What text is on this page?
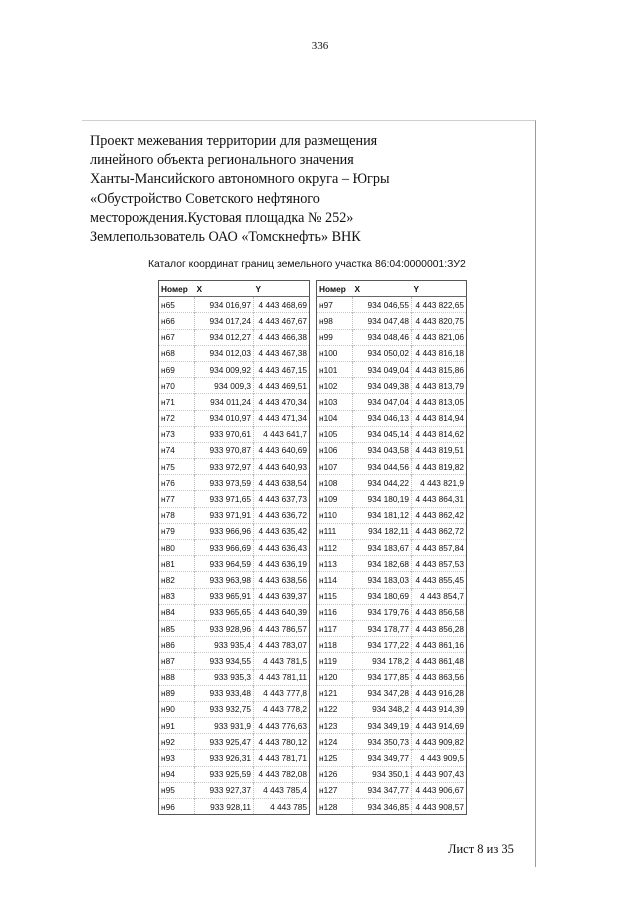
336
Проект межевания территории для размещения
линейного объекта регионального значения
Ханты-Мансийского автономного округа – Югры
«Обустройство Советского нефтяного
месторождения.Кустовая площадка № 252»
Землепользователь ОАО «Томскнефть» ВНК
Каталог координат границ земельного участка 86:04:0000001:ЗУ2
Номер	X	Y
н65	934 016,97	4 443 468,69
н66	934 017,24	4 443 467,67
н67	934 012,27	4 443 466,38
н68	934 012,03	4 443 467,38
н69	934 009,92	4 443 467,15
н70	934 009,3	4 443 469,51
н71	934 011,24	4 443 470,34
н72	934 010,97	4 443 471,34
н73	933 970,61	4 443 641,7
н74	933 970,87	4 443 640,69
н75	933 972,97	4 443 640,93
н76	933 973,59	4 443 638,54
н77	933 971,65	4 443 637,73
н78	933 971,91	4 443 636,72
н79	933 966,96	4 443 635,42
н80	933 966,69	4 443 636,43
н81	933 964,59	4 443 636,19
н82	933 963,98	4 443 638,56
н83	933 965,91	4 443 639,37
н84	933 965,65	4 443 640,39
н85	933 928,96	4 443 786,57
н86	933 935,4	4 443 783,07
н87	933 934,55	4 443 781,5
н88	933 935,3	4 443 781,11
н89	933 933,48	4 443 777,8
н90	933 932,75	4 443 778,2
н91	933 931,9	4 443 776,63
н92	933 925,47	4 443 780,12
н93	933 926,31	4 443 781,71
н94	933 925,59	4 443 782,08
н95	933 927,37	4 443 785,4
н96	933 928,11	4 443 785
Номер	X	Y
н97	934 046,55	4 443 822,65
н98	934 047,48	4 443 820,75
н99	934 048,46	4 443 821,06
н100	934 050,02	4 443 816,18
н101	934 049,04	4 443 815,86
н102	934 049,38	4 443 813,79
н103	934 047,04	4 443 813,05
н104	934 046,13	4 443 814,94
н105	934 045,14	4 443 814,62
н106	934 043,58	4 443 819,51
н107	934 044,56	4 443 819,82
н108	934 044,22	4 443 821,9
н109	934 180,19	4 443 864,31
н110	934 181,12	4 443 862,42
н111	934 182,11	4 443 862,72
н112	934 183,67	4 443 857,84
н113	934 182,68	4 443 857,53
н114	934 183,03	4 443 855,45
н115	934 180,69	4 443 854,7
н116	934 179,76	4 443 856,58
н117	934 178,77	4 443 856,28
н118	934 177,22	4 443 861,16
н119	934 178,2	4 443 861,48
н120	934 177,85	4 443 863,56
н121	934 347,28	4 443 916,28
н122	934 348,2	4 443 914,39
н123	934 349,19	4 443 914,69
н124	934 350,73	4 443 909,82
н125	934 349,77	4 443 909,5
н126	934 350,1	4 443 907,43
н127	934 347,77	4 443 906,67
н128	934 346,85	4 443 908,57
Лист 8 из 35
